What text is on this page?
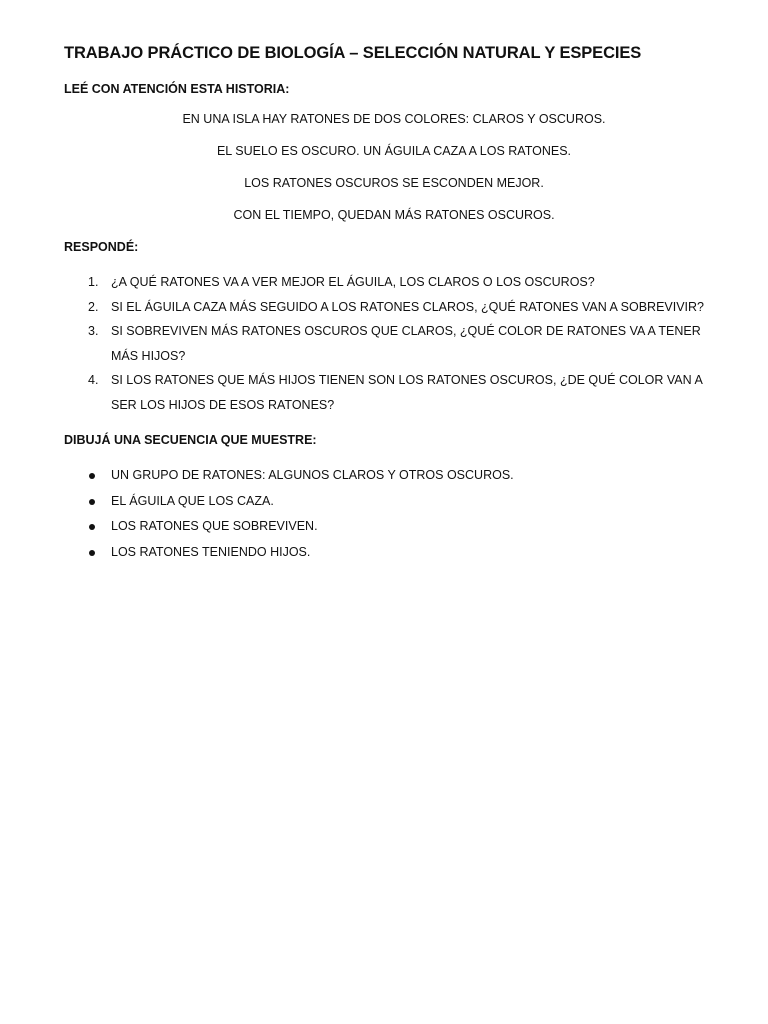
TRABAJO PRÁCTICO DE BIOLOGÍA – SELECCIÓN NATURAL Y ESPECIES

LEÉ CON ATENCIÓN ESTA HISTORIA:

EN UNA ISLA HAY RATONES DE DOS COLORES: CLAROS Y OSCUROS.

EL SUELO ES OSCURO. UN ÁGUILA CAZA A LOS RATONES.

LOS RATONES OSCUROS SE ESCONDEN MEJOR.

CON EL TIEMPO, QUEDAN MÁS RATONES OSCUROS.

RESPONDÉ:

1. ¿A QUÉ RATONES VA A VER MEJOR EL ÁGUILA, LOS CLAROS O LOS OSCUROS?
2. SI EL ÁGUILA CAZA MÁS SEGUIDO A LOS RATONES CLAROS, ¿QUÉ RATONES VAN A SOBREVIVIR?
3. SI SOBREVIVEN MÁS RATONES OSCUROS QUE CLAROS, ¿QUÉ COLOR DE RATONES VA A TENER MÁS HIJOS?
4. SI LOS RATONES QUE MÁS HIJOS TIENEN SON LOS RATONES OSCUROS, ¿DE QUÉ COLOR VAN A SER LOS HIJOS DE ESOS RATONES?

DIBUJÁ UNA SECUENCIA QUE MUESTRE:

UN GRUPO DE RATONES: ALGUNOS CLAROS Y OTROS OSCUROS.
EL ÁGUILA QUE LOS CAZA.
LOS RATONES QUE SOBREVIVEN.
LOS RATONES TENIENDO HIJOS.
